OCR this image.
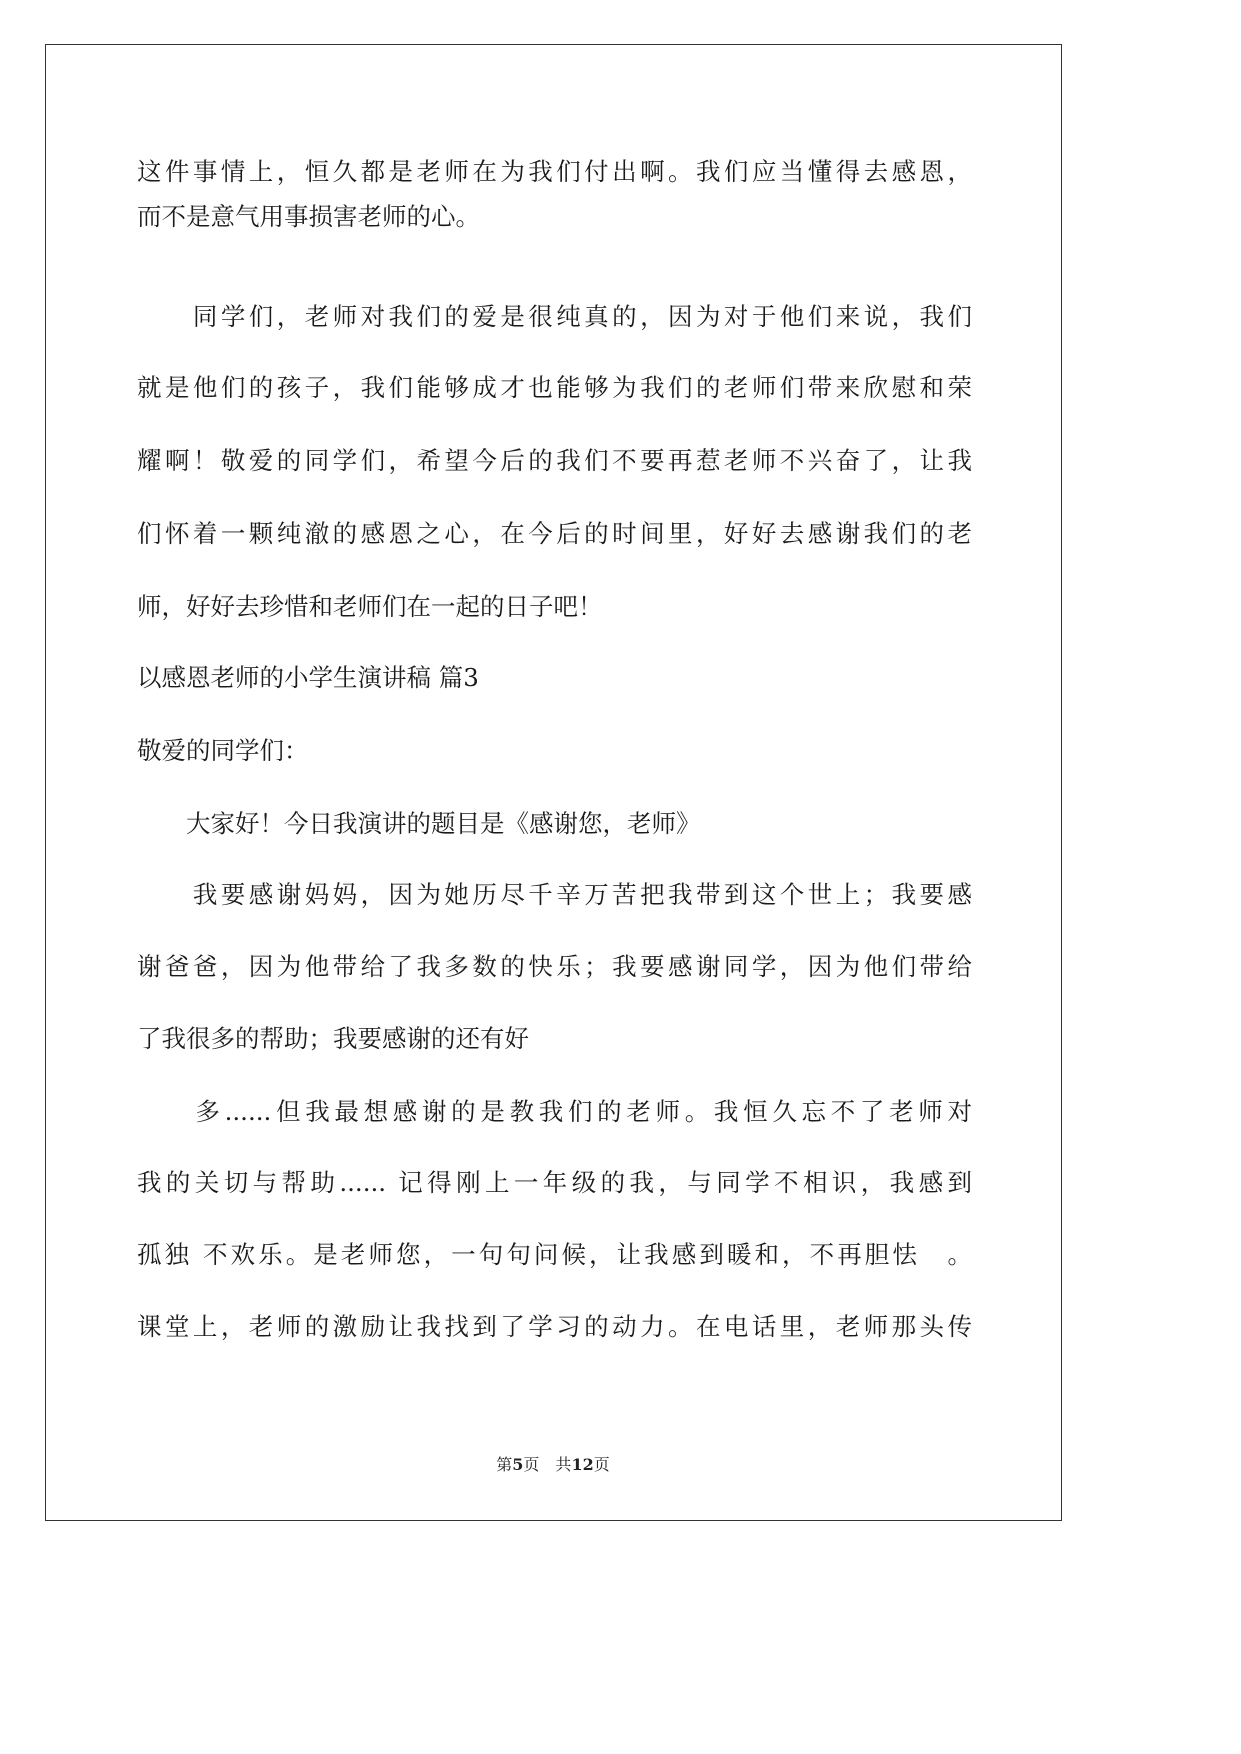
这件事情上，恒久都是老师在为我们付出啊。我们应当懂得去感恩，
而不是意气用事损害老师的心。
　　同学们，老师对我们的爱是很纯真的，因为对于他们来说，我们
就是他们的孩子，我们能够成才也能够为我们的老师们带来欣慰和荣
耀啊！敬爱的同学们，希望今后的我们不要再惹老师不兴奋了，让我
们怀着一颗纯澈的感恩之心，在今后的时间里，好好去感谢我们的老
师，好好去珍惜和老师们在一起的日子吧！
以感恩老师的小学生演讲稿 篇3
敬爱的同学们：
　　大家好！今日我演讲的题目是《感谢您，老师》
　　我要感谢妈妈，因为她历尽千辛万苦把我带到这个世上；我要感
谢爸爸，因为他带给了我多数的快乐；我要感谢同学，因为他们带给
了我很多的帮助；我要感谢的还有好
　　多......但我最想感谢的是教我们的老师。我恒久忘不了老师对
我的关切与帮助...... 记得刚上一年级的我，与同学不相识，我感到
孤独 不欢乐。是老师您，一句句问候，让我感到暖和，不再胆怯　。
课堂上，老师的激励让我找到了学习的动力。在电话里，老师那头传
第5页　共12页
